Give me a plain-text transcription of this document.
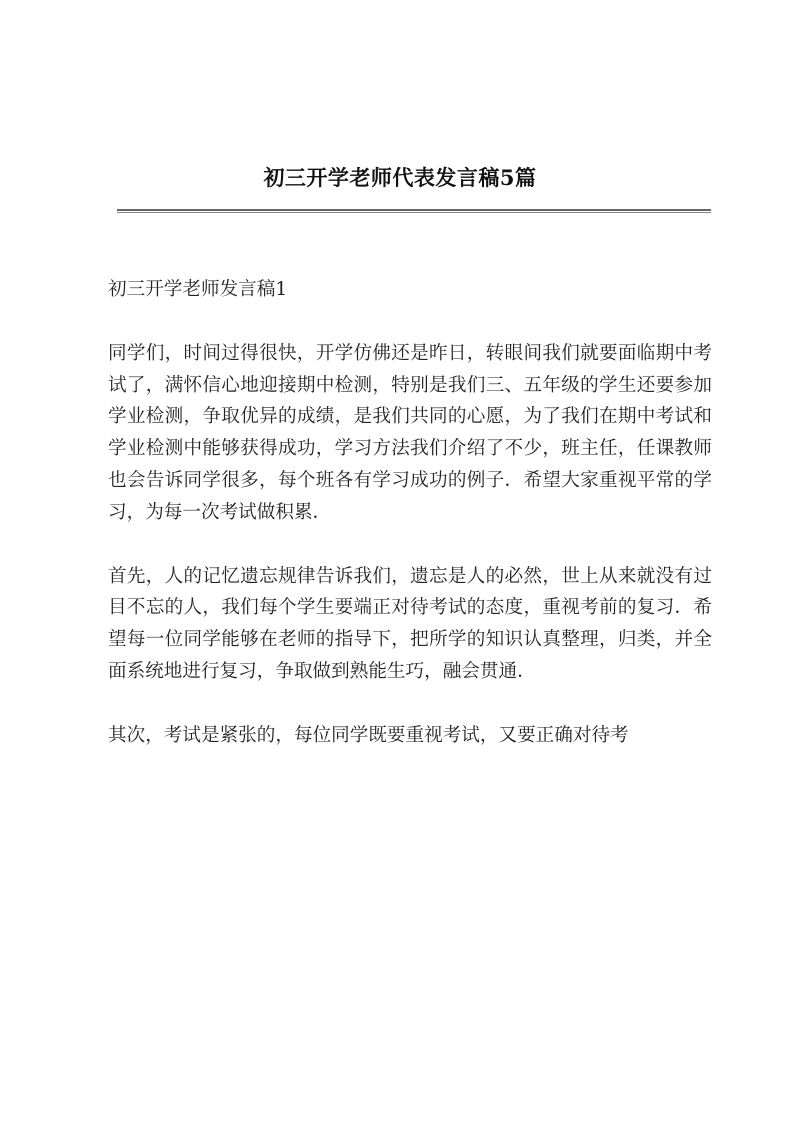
初三开学老师代表发言稿5篇

初三开学老师发言稿1

同学们，时间过得很快，开学仿佛还是昨日，转眼间我们就要面临期中考试了，满怀信心地迎接期中检测，特别是我们三、五年级的学生还要参加学业检测，争取优异的成绩，是我们共同的心愿，为了我们在期中考试和学业检测中能够获得成功，学习方法我们介绍了不少，班主任，任课教师也会告诉同学很多，每个班各有学习成功的例子．希望大家重视平常的学习，为每一次考试做积累．

首先，人的记忆遗忘规律告诉我们，遗忘是人的必然，世上从来就没有过目不忘的人，我们每个学生要端正对待考试的态度，重视考前的复习．希望每一位同学能够在老师的指导下，把所学的知识认真整理，归类，并全面系统地进行复习，争取做到熟能生巧，融会贯通．

其次，考试是紧张的，每位同学既要重视考试，又要正确对待考
